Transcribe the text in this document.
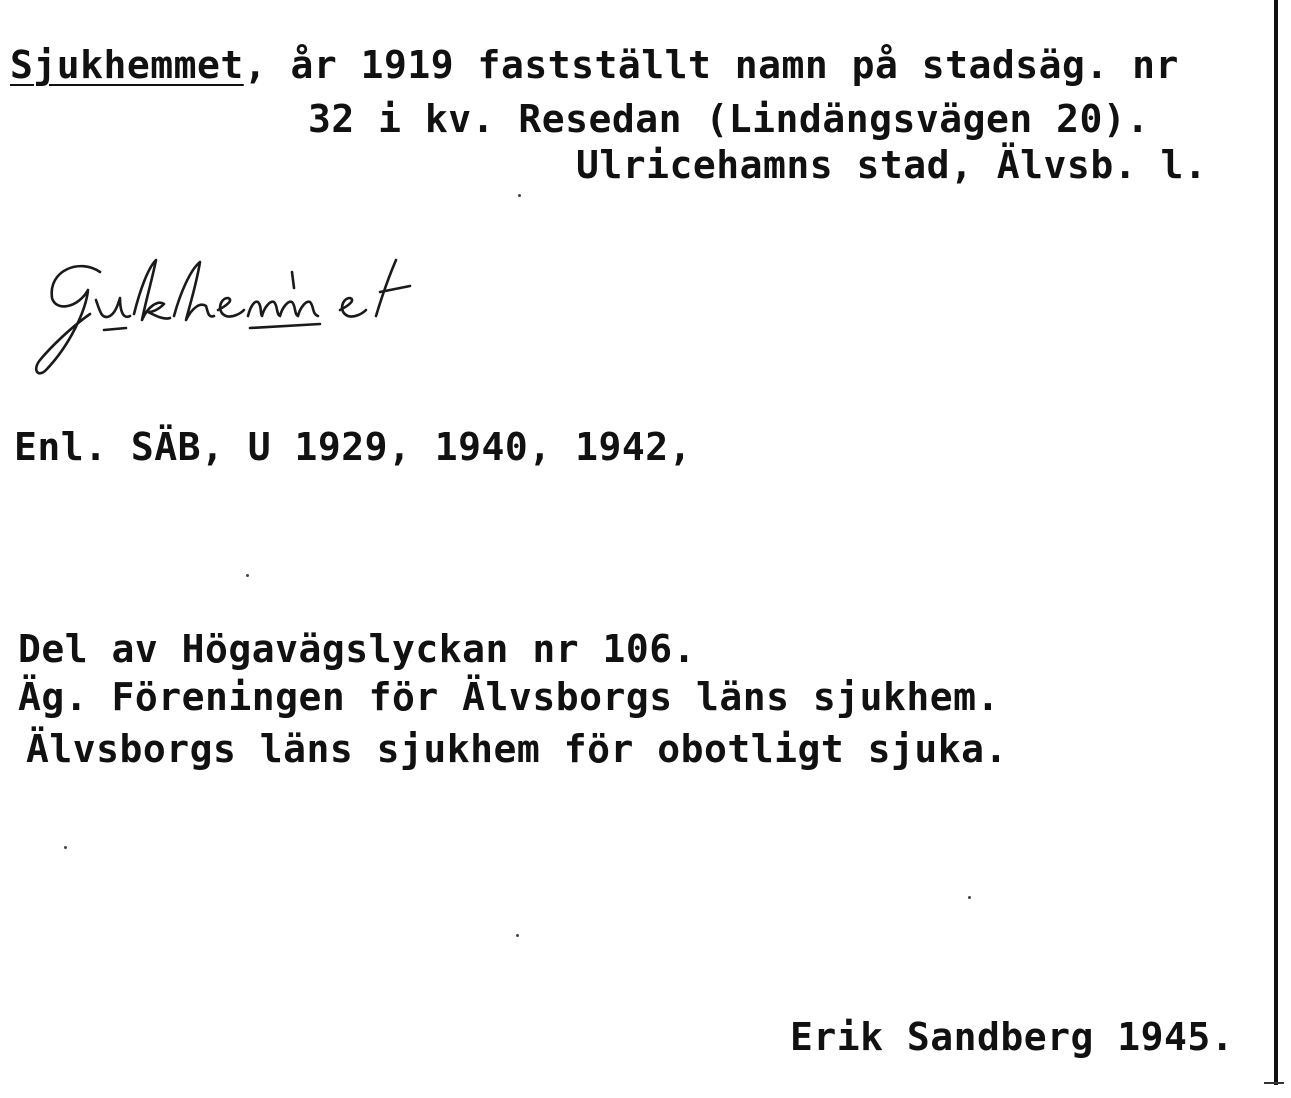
Sjukhemmet, år 1919 fastställt namn på stadsäg. nr
32 i kv. Resedan (Lindängsvägen 20).
Ulricehamns stad, Älvsb. l.
Enl. SÄB, U 1929, 1940, 1942,
Del av Högavägslyckan nr 106.
Äg. Föreningen för Älvsborgs läns sjukhem.
Älvsborgs läns sjukhem för obotligt sjuka.
Erik Sandberg 1945.
